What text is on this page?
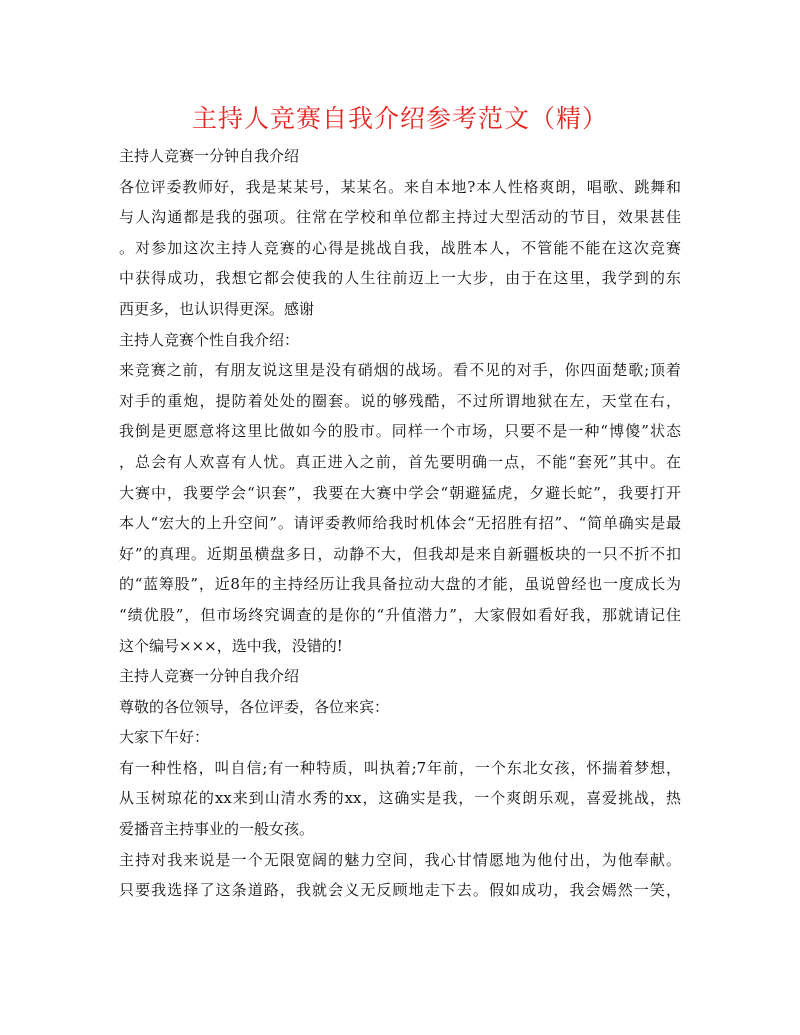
主持人竞赛自我介绍参考范文（精）
主持人竞赛一分钟自我介绍
各位评委教师好，我是某某号，某某名。来自本地?本人性格爽朗，唱歌、跳舞和
与人沟通都是我的强项。往常在学校和单位都主持过大型活动的节目，效果甚佳
。对参加这次主持人竞赛的心得是挑战自我，战胜本人，不管能不能在这次竞赛
中获得成功，我想它都会使我的人生往前迈上一大步，由于在这里，我学到的东
西更多，也认识得更深。感谢
主持人竞赛个性自我介绍：
来竞赛之前，有朋友说这里是没有硝烟的战场。看不见的对手，你四面楚歌;顶着
对手的重炮，提防着处处的圈套。说的够残酷，不过所谓地狱在左，天堂在右，
我倒是更愿意将这里比做如今的股市。同样一个市场，只要不是一种“博傻”状态
，总会有人欢喜有人忧。真正进入之前，首先要明确一点，不能“套死”其中。在
大赛中，我要学会“识套”，我要在大赛中学会“朝避猛虎，夕避长蛇”，我要打开
本人“宏大的上升空间”。请评委教师给我时机体会“无招胜有招”、“简单确实是最
好”的真理。近期虽横盘多日，动静不大，但我却是来自新疆板块的一只不折不扣
的“蓝筹股”，近8年的主持经历让我具备拉动大盘的才能，虽说曾经也一度成长为
“绩优股”，但市场终究调查的是你的“升值潜力”，大家假如看好我，那就请记住
这个编号×××，选中我，没错的!
主持人竞赛一分钟自我介绍
尊敬的各位领导，各位评委，各位来宾：
大家下午好：
有一种性格，叫自信;有一种特质，叫执着;7年前，一个东北女孩，怀揣着梦想，
从玉树琼花的xx来到山清水秀的xx，这确实是我，一个爽朗乐观，喜爱挑战，热
爱播音主持事业的一般女孩。
主持对我来说是一个无限宽阔的魅力空间，我心甘情愿地为他付出，为他奉献。
只要我选择了这条道路，我就会义无反顾地走下去。假如成功，我会嫣然一笑，
